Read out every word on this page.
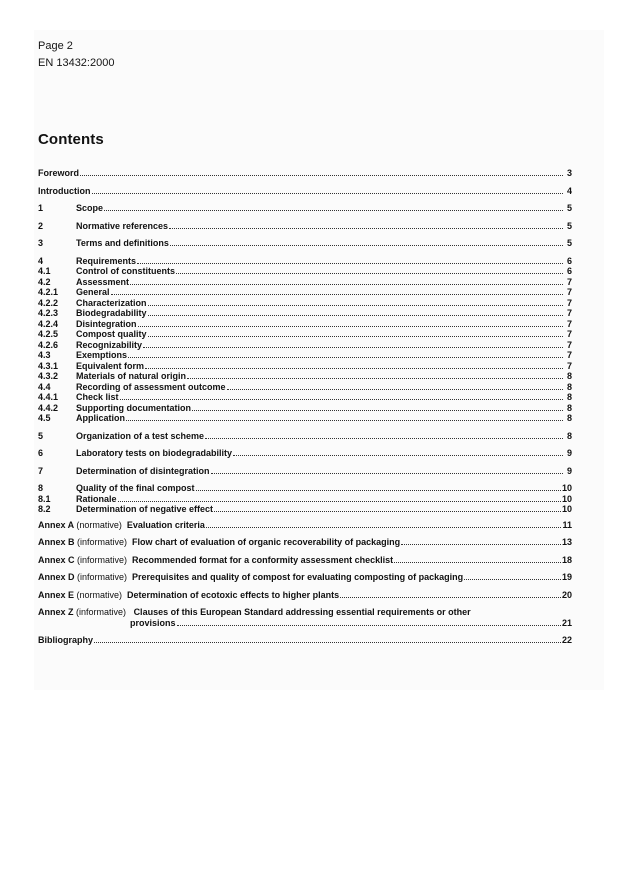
Page 2
EN 13432:2000
Contents
Foreword	3
Introduction	4
1	Scope	5
2	Normative references	5
3	Terms and definitions	5
4	Requirements	6
4.1	Control of constituents	6
4.2	Assessment	7
4.2.1	General	7
4.2.2	Characterization	7
4.2.3	Biodegradability	7
4.2.4	Disintegration	7
4.2.5	Compost quality	7
4.2.6	Recognizability	7
4.3	Exemptions	7
4.3.1	Equivalent form	7
4.3.2	Materials of natural origin	8
4.4	Recording of assessment outcome	8
4.4.1	Check list	8
4.4.2	Supporting documentation	8
4.5	Application	8
5	Organization of a test scheme	8
6	Laboratory tests on biodegradability	9
7	Determination of disintegration	9
8	Quality of the final compost	10
8.1	Rationale	10
8.2	Determination of negative effect	10
Annex A (normative) Evaluation criteria	11
Annex B (informative) Flow chart of evaluation of organic recoverability of packaging	13
Annex C (informative) Recommended format for a conformity assessment checklist	18
Annex D (informative) Prerequisites and quality of compost for evaluating composting of packaging	19
Annex E (normative) Determination of ecotoxic effects to higher plants	20
Annex Z (informative) Clauses of this European Standard addressing essential requirements or other
provisions	21
Bibliography	22
